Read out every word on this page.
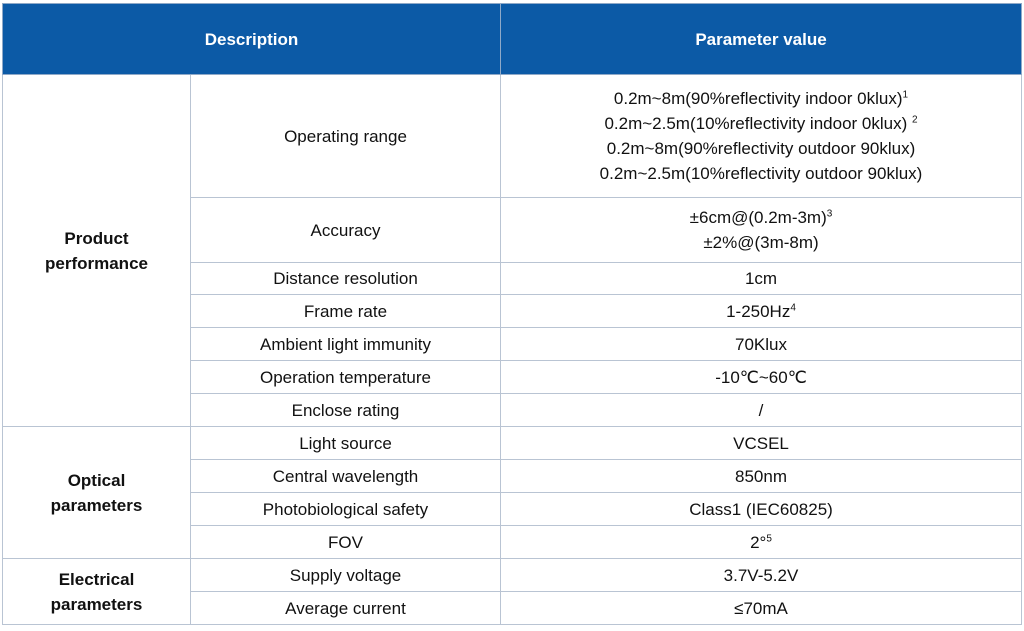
Description		Parameter value

Product
performance	Operating range	0.2m~8m(90%reflectivity indoor 0klux)$^1$
0.2m~2.5m(10%reflectivity indoor 0klux) $^2$
0.2m~8m(90%reflectivity outdoor 90klux)
0.2m~2.5m(10%reflectivity outdoor 90klux)

	Accuracy	$\pm 6cm@(0.2m-3m)^3$
±2%@(3m-8m)

	Distance resolution	1cm
	Frame rate	1-250Hz$^4$
	Ambient light immunity	70Klux
	Operation temperature	-10℃~60℃
	Enclose rating	/

Optical
parameters	Light source	VCSEL
	Central wavelength	850nm
	Photobiological safety	Class1 (IEC60825)
	FOV	2°$^5$

Electrical
parameters	Supply voltage	3.7V-5.2V
	Average current	≤70mA
